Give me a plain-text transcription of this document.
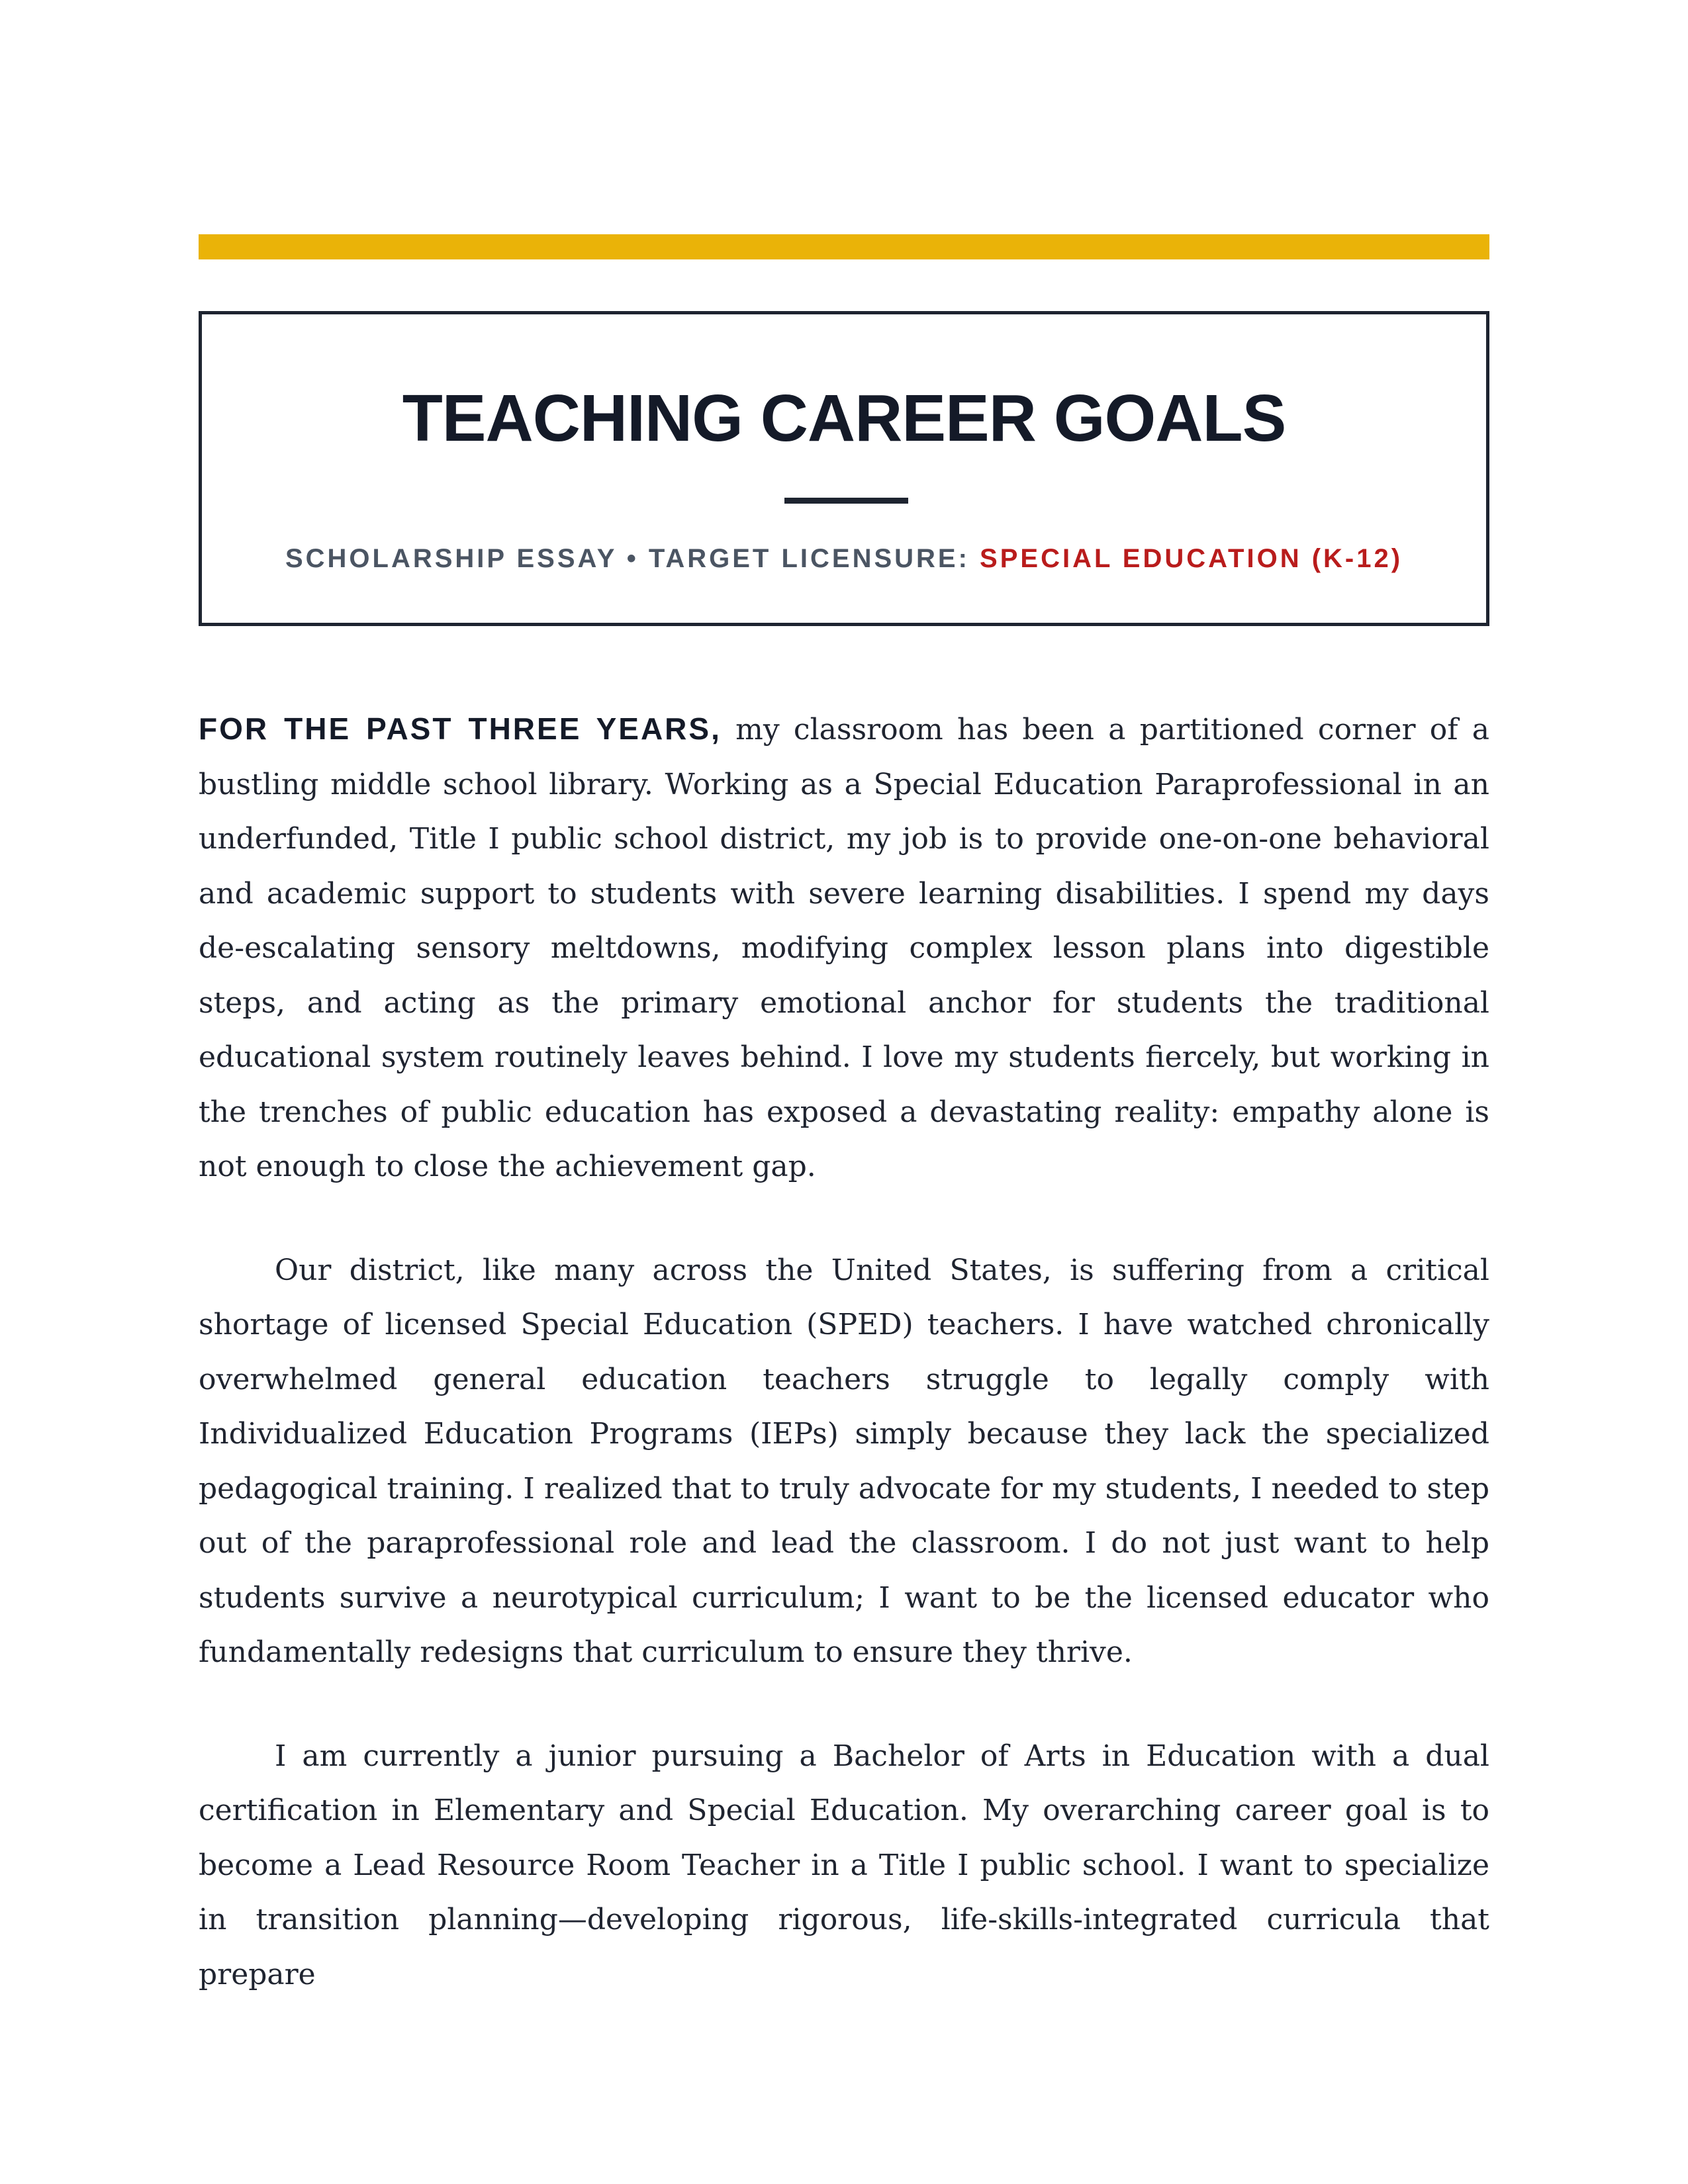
TEACHING CAREER GOALS
SCHOLARSHIP ESSAY • TARGET LICENSURE: SPECIAL EDUCATION (K-12)

FOR THE PAST THREE YEARS, my classroom has been a partitioned corner of a bustling middle school library. Working as a Special Education Paraprofessional in an underfunded, Title I public school district, my job is to provide one-on-one behavioral and academic support to students with severe learning disabilities. I spend my days de-escalating sensory meltdowns, modifying complex lesson plans into digestible steps, and acting as the primary emotional anchor for students the traditional educational system routinely leaves behind. I love my students fiercely, but working in the trenches of public education has exposed a devastating reality: empathy alone is not enough to close the achievement gap.

Our district, like many across the United States, is suffering from a critical shortage of licensed Special Education (SPED) teachers. I have watched chronically overwhelmed general education teachers struggle to legally comply with Individualized Education Programs (IEPs) simply because they lack the specialized pedagogical training. I realized that to truly advocate for my students, I needed to step out of the paraprofessional role and lead the classroom. I do not just want to help students survive a neurotypical curriculum; I want to be the licensed educator who fundamentally redesigns that curriculum to ensure they thrive.

I am currently a junior pursuing a Bachelor of Arts in Education with a dual certification in Elementary and Special Education. My overarching career goal is to become a Lead Resource Room Teacher in a Title I public school. I want to specialize in transition planning—developing rigorous, life-skills-integrated curricula that prepare
